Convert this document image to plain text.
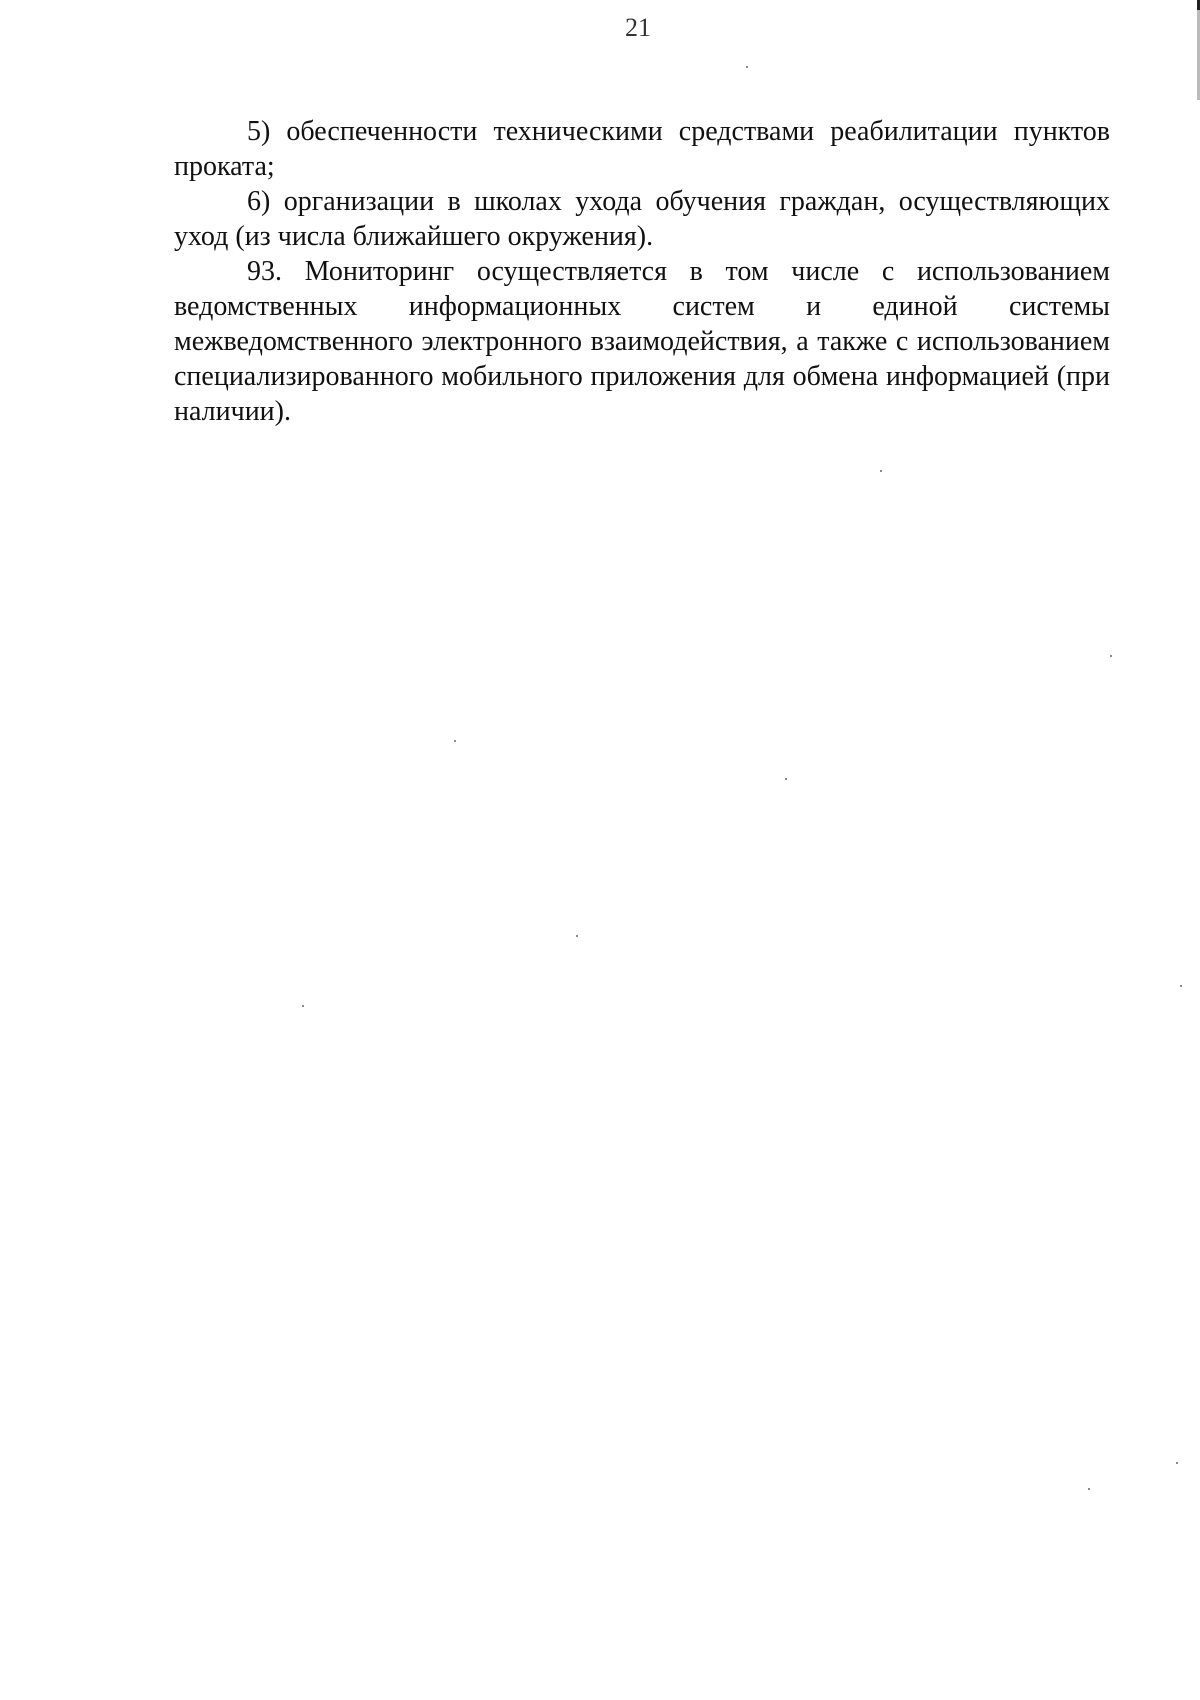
21

5) обеспеченности техническими средствами реабилитации пунктов проката;

6) организации в школах ухода обучения граждан, осуществляющих уход (из числа ближайшего окружения).

93. Мониторинг осуществляется в том числе с использованием ведомственных информационных систем и единой системы межведомственного электронного взаимодействия, а также с использованием специализированного мобильного приложения для обмена информацией (при наличии).
